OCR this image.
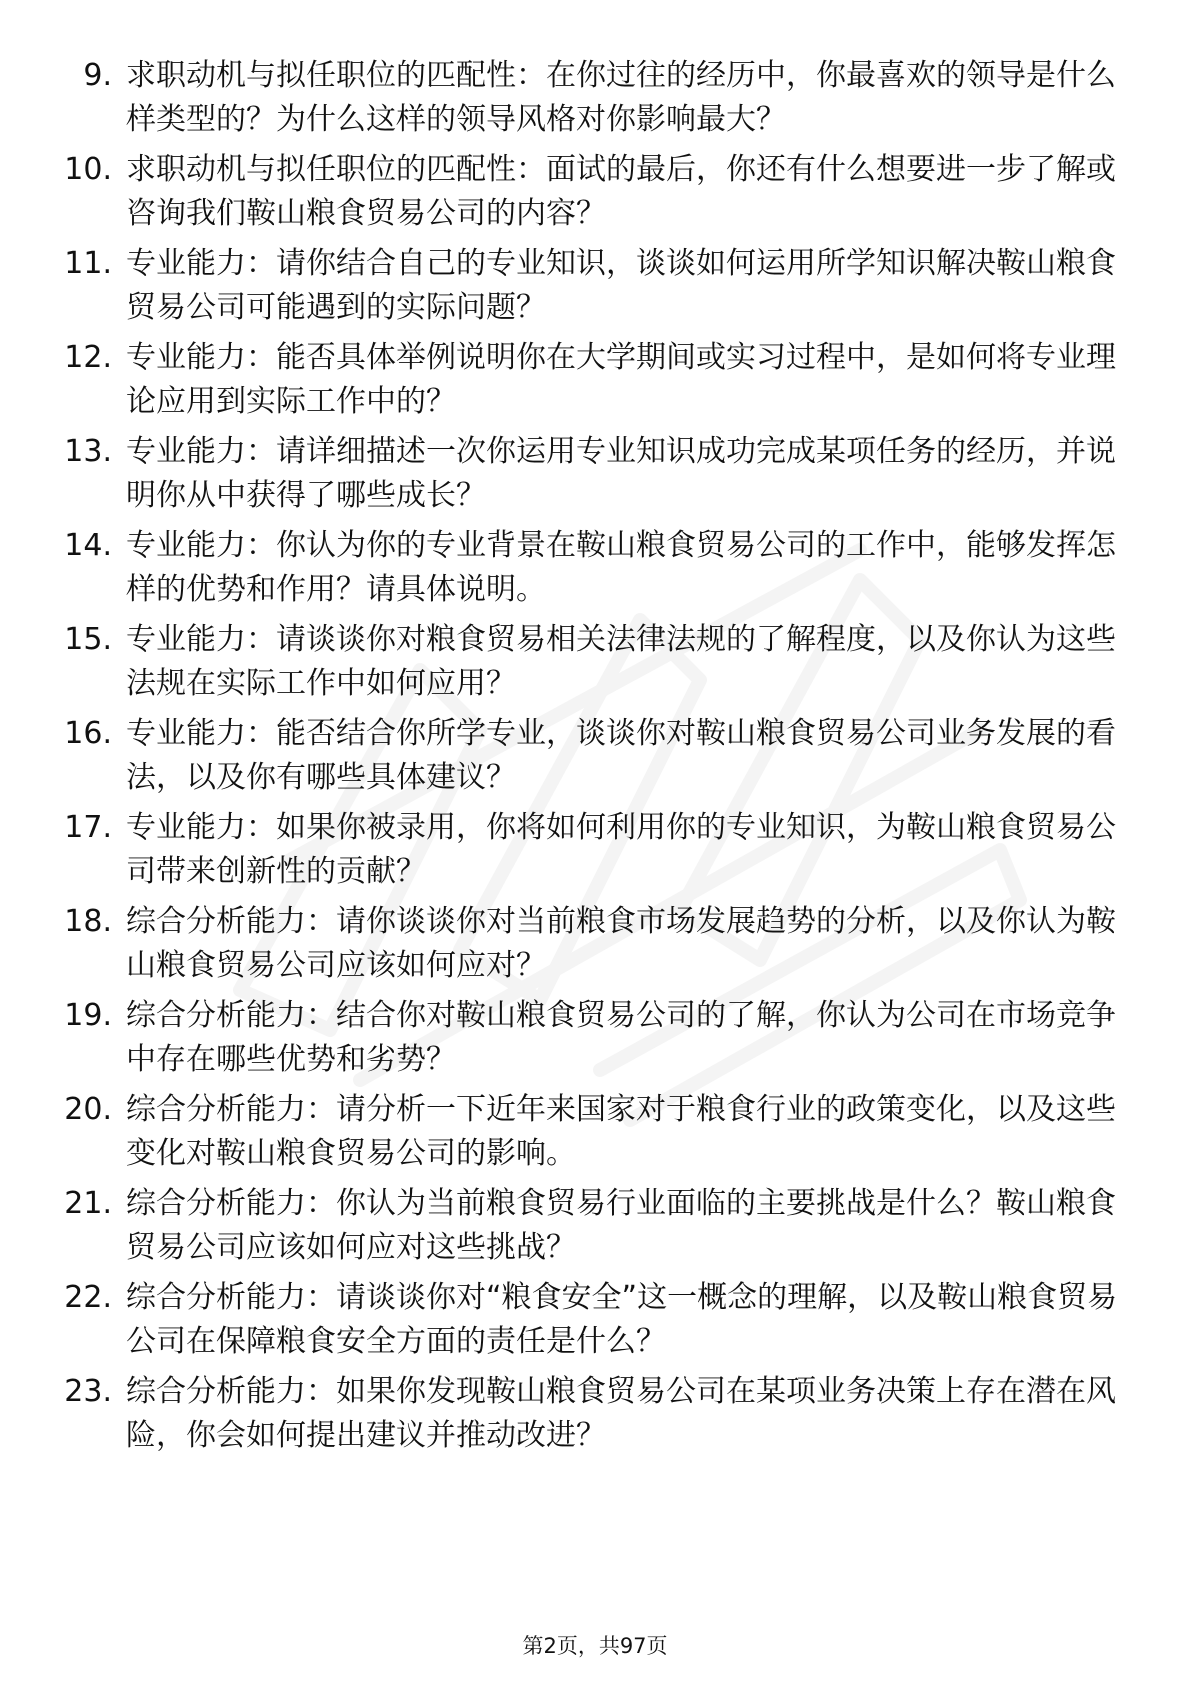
9. 求职动机与拟任职位的匹配性：在你过往的经历中，你最喜欢的领导是什么样类型的？为什么这样的领导风格对你影响最大？
10. 求职动机与拟任职位的匹配性：面试的最后，你还有什么想要进一步了解或咨询我们鞍山粮食贸易公司的内容？
11. 专业能力：请你结合自己的专业知识，谈谈如何运用所学知识解决鞍山粮食贸易公司可能遇到的实际问题？
12. 专业能力：能否具体举例说明你在大学期间或实习过程中，是如何将专业理论应用到实际工作中的？
13. 专业能力：请详细描述一次你运用专业知识成功完成某项任务的经历，并说明你从中获得了哪些成长？
14. 专业能力：你认为你的专业背景在鞍山粮食贸易公司的工作中，能够发挥怎样的优势和作用？请具体说明。
15. 专业能力：请谈谈你对粮食贸易相关法律法规的了解程度，以及你认为这些法规在实际工作中如何应用？
16. 专业能力：能否结合你所学专业，谈谈你对鞍山粮食贸易公司业务发展的看法，以及你有哪些具体建议？
17. 专业能力：如果你被录用，你将如何利用你的专业知识，为鞍山粮食贸易公司带来创新性的贡献？
18. 综合分析能力：请你谈谈你对当前粮食市场发展趋势的分析，以及你认为鞍山粮食贸易公司应该如何应对？
19. 综合分析能力：结合你对鞍山粮食贸易公司的了解，你认为公司在市场竞争中存在哪些优势和劣势？
20. 综合分析能力：请分析一下近年来国家对于粮食行业的政策变化，以及这些变化对鞍山粮食贸易公司的影响。
21. 综合分析能力：你认为当前粮食贸易行业面临的主要挑战是什么？鞍山粮食贸易公司应该如何应对这些挑战？
22. 综合分析能力：请谈谈你对“粮食安全”这一概念的理解，以及鞍山粮食贸易公司在保障粮食安全方面的责任是什么？
23. 综合分析能力：如果你发现鞍山粮食贸易公司在某项业务决策上存在潜在风险，你会如何提出建议并推动改进？
第2页，共97页
